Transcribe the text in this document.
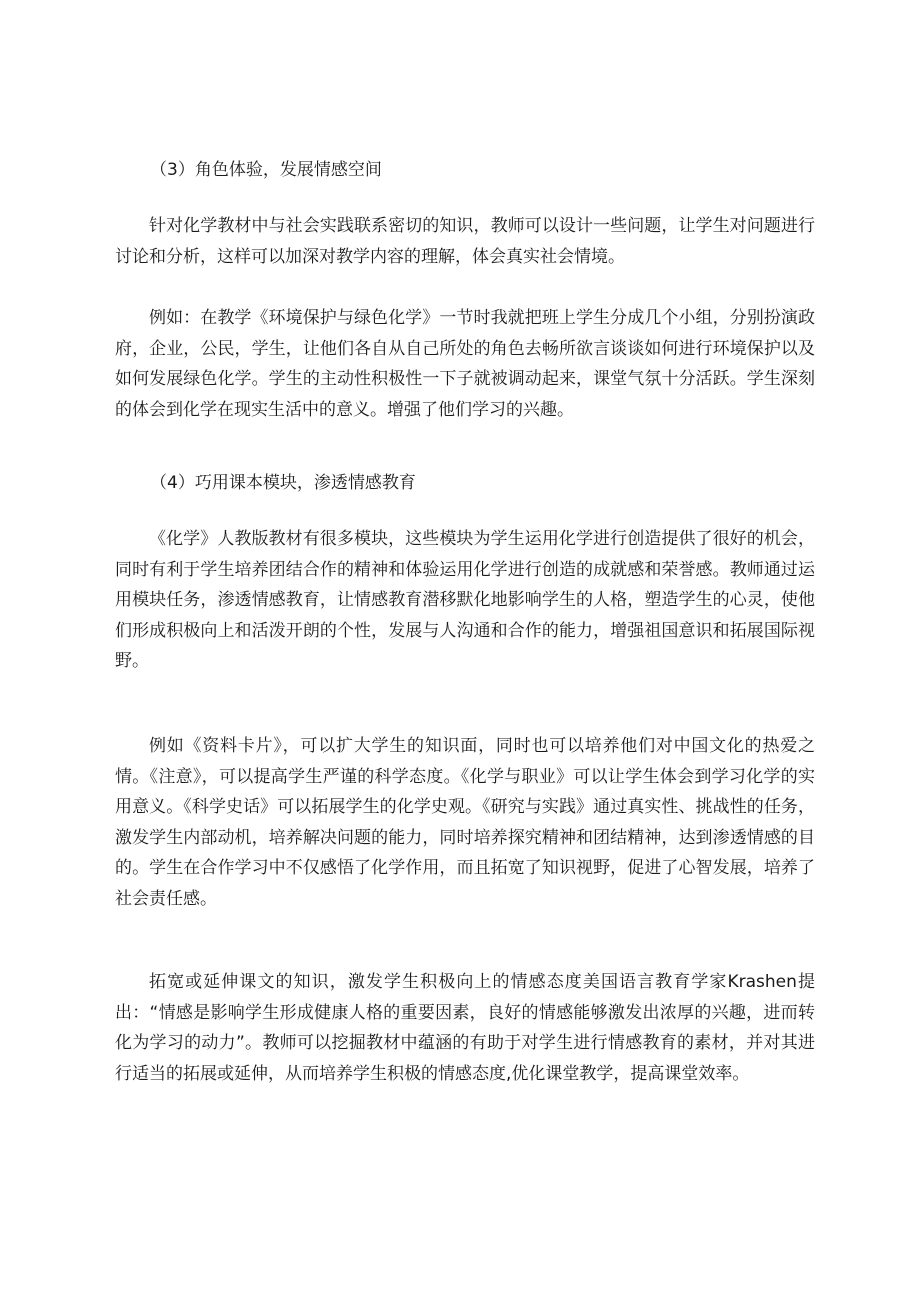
（3）角色体验，发展情感空间
针对化学教材中与社会实践联系密切的知识，教师可以设计一些问题，让学生对问题进行讨论和分析，这样可以加深对教学内容的理解，体会真实社会情境。
例如：在教学《环境保护与绿色化学》一节时我就把班上学生分成几个小组，分别扮演政府，企业，公民，学生，让他们各自从自己所处的角色去畅所欲言谈谈如何进行环境保护以及如何发展绿色化学。学生的主动性积极性一下子就被调动起来，课堂气氛十分活跃。学生深刻的体会到化学在现实生活中的意义。增强了他们学习的兴趣。
（4）巧用课本模块，渗透情感教育
《化学》人教版教材有很多模块，这些模块为学生运用化学进行创造提供了很好的机会，同时有利于学生培养团结合作的精神和体验运用化学进行创造的成就感和荣誉感。教师通过运用模块任务，渗透情感教育，让情感教育潜移默化地影响学生的人格，塑造学生的心灵，使他们形成积极向上和活泼开朗的个性，发展与人沟通和合作的能力，增强祖国意识和拓展国际视野。
例如《资料卡片》，可以扩大学生的知识面，同时也可以培养他们对中国文化的热爱之情。《注意》，可以提高学生严谨的科学态度。《化学与职业》可以让学生体会到学习化学的实用意义。《科学史话》可以拓展学生的化学史观。《研究与实践》通过真实性、挑战性的任务，激发学生内部动机，培养解决问题的能力，同时培养探究精神和团结精神，达到渗透情感的目的。学生在合作学习中不仅感悟了化学作用，而且拓宽了知识视野，促进了心智发展，培养了社会责任感。
拓宽或延伸课文的知识，激发学生积极向上的情感态度美国语言教育学家Krashen提出：“情感是影响学生形成健康人格的重要因素，良好的情感能够激发出浓厚的兴趣，进而转化为学习的动力”。教师可以挖掘教材中蕴涵的有助于对学生进行情感教育的素材，并对其进行适当的拓展或延伸，从而培养学生积极的情感态度,优化课堂教学，提高课堂效率。
